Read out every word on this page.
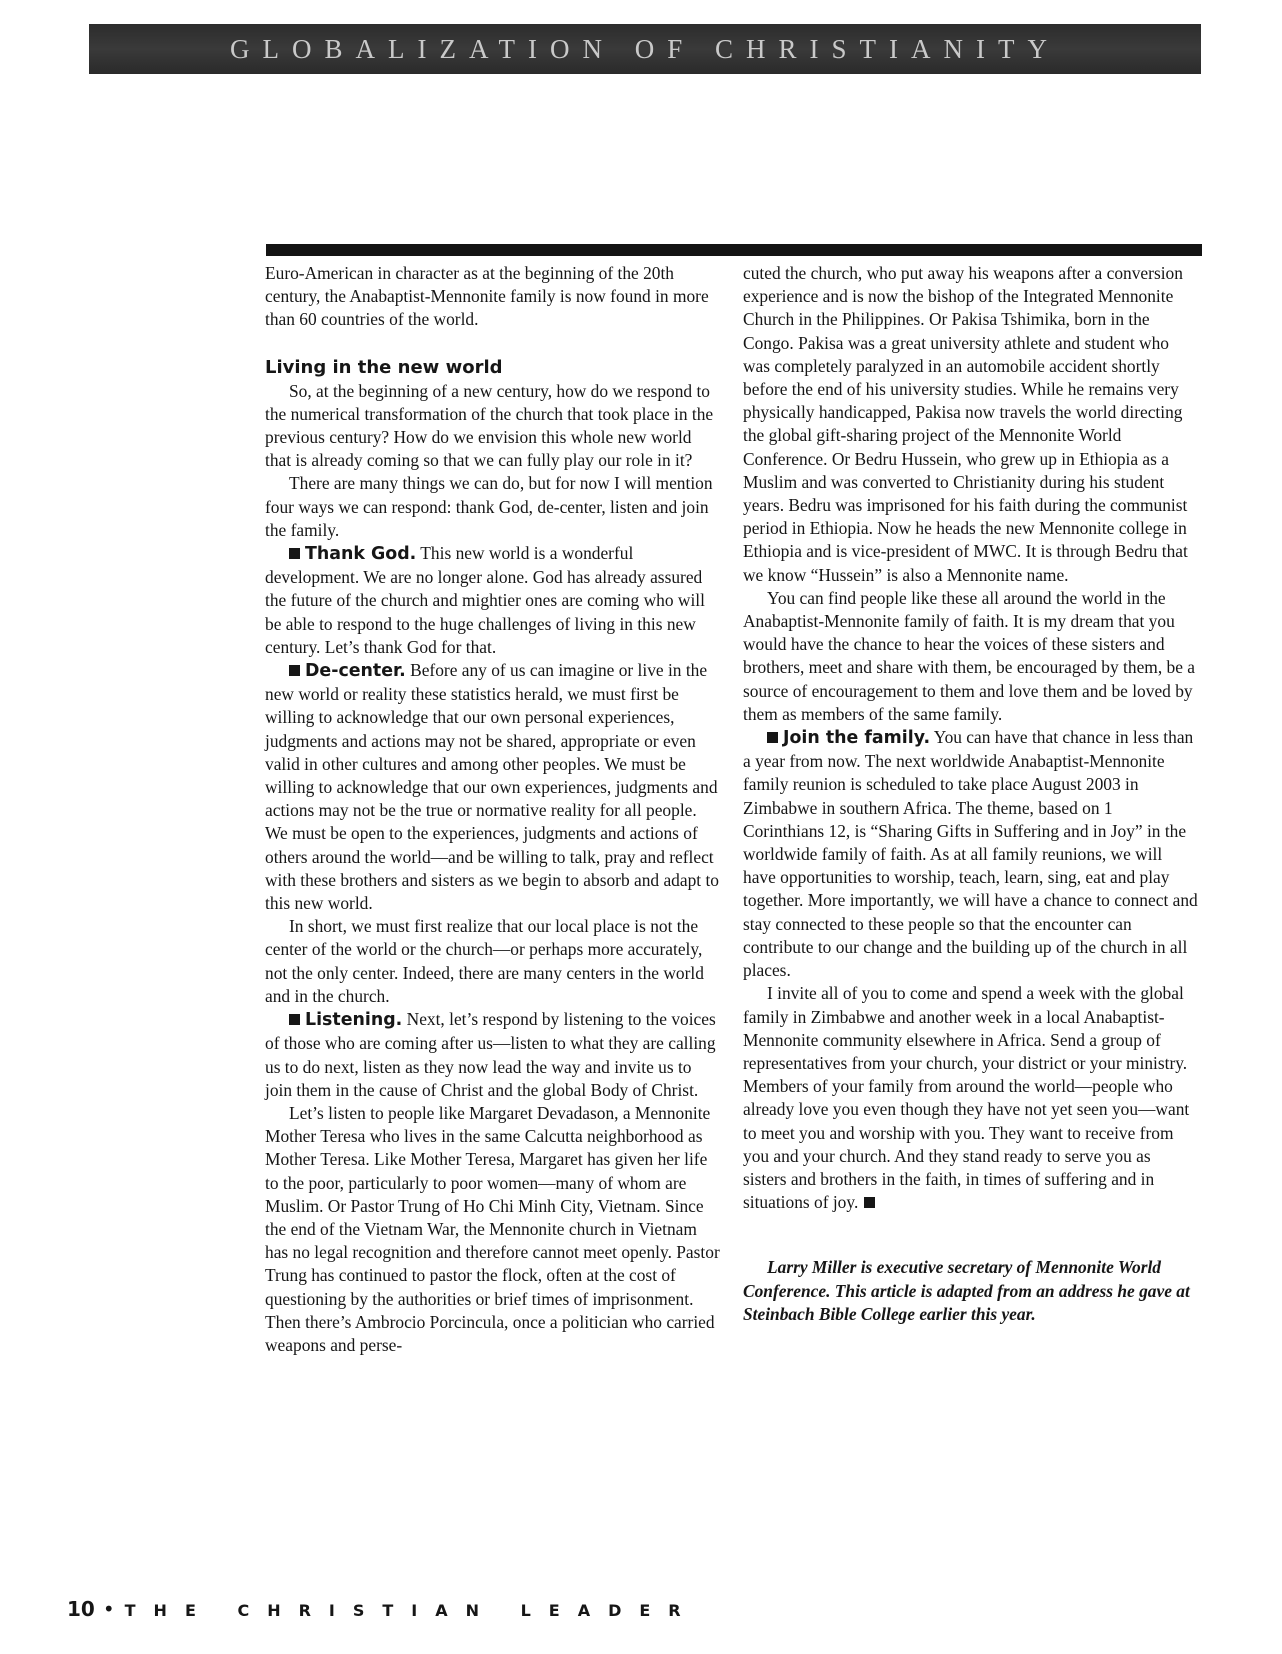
GLOBALIZATION OF CHRISTIANITY

Euro-American in character as at the beginning of the 20th century, the Anabaptist-Mennonite family is now found in more than 60 countries of the world.

Living in the new world

So, at the beginning of a new century, how do we respond to the numerical transformation of the church that took place in the previous century? How do we envision this whole new world that is already coming so that we can fully play our role in it?

There are many things we can do, but for now I will mention four ways we can respond: thank God, de-center, listen and join the family.

Thank God. This new world is a wonderful development. We are no longer alone. God has already assured the future of the church and mightier ones are coming who will be able to respond to the huge challenges of living in this new century. Let’s thank God for that.

De-center. Before any of us can imagine or live in the new world or reality these statistics herald, we must first be willing to acknowledge that our own personal experiences, judgments and actions may not be shared, appropriate or even valid in other cultures and among other peoples. We must be willing to acknowledge that our own experiences, judgments and actions may not be the true or normative reality for all people. We must be open to the experiences, judgments and actions of others around the world—and be willing to talk, pray and reflect with these brothers and sisters as we begin to absorb and adapt to this new world.

In short, we must first realize that our local place is not the center of the world or the church—or perhaps more accurately, not the only center. Indeed, there are many centers in the world and in the church.

Listening. Next, let’s respond by listening to the voices of those who are coming after us—listen to what they are calling us to do next, listen as they now lead the way and invite us to join them in the cause of Christ and the global Body of Christ.

Let’s listen to people like Margaret Devadason, a Mennonite Mother Teresa who lives in the same Calcutta neighborhood as Mother Teresa. Like Mother Teresa, Margaret has given her life to the poor, particularly to poor women—many of whom are Muslim. Or Pastor Trung of Ho Chi Minh City, Vietnam. Since the end of the Vietnam War, the Mennonite church in Vietnam has no legal recognition and therefore cannot meet openly. Pastor Trung has continued to pastor the flock, often at the cost of questioning by the authorities or brief times of imprisonment. Then there’s Ambrocio Porcincula, once a politician who carried weapons and perse-

cuted the church, who put away his weapons after a conversion experience and is now the bishop of the Integrated Mennonite Church in the Philippines. Or Pakisa Tshimika, born in the Congo. Pakisa was a great university athlete and student who was completely paralyzed in an automobile accident shortly before the end of his university studies. While he remains very physically handicapped, Pakisa now travels the world directing the global gift-sharing project of the Mennonite World Conference. Or Bedru Hussein, who grew up in Ethiopia as a Muslim and was converted to Christianity during his student years. Bedru was imprisoned for his faith during the communist period in Ethiopia. Now he heads the new Mennonite college in Ethiopia and is vice-president of MWC. It is through Bedru that we know “Hussein” is also a Mennonite name.

You can find people like these all around the world in the Anabaptist-Mennonite family of faith. It is my dream that you would have the chance to hear the voices of these sisters and brothers, meet and share with them, be encouraged by them, be a source of encouragement to them and love them and be loved by them as members of the same family.

Join the family. You can have that chance in less than a year from now. The next worldwide Anabaptist-Mennonite family reunion is scheduled to take place August 2003 in Zimbabwe in southern Africa. The theme, based on 1 Corinthians 12, is “Sharing Gifts in Suffering and in Joy” in the worldwide family of faith. As at all family reunions, we will have opportunities to worship, teach, learn, sing, eat and play together. More importantly, we will have a chance to connect and stay connected to these people so that the encounter can contribute to our change and the building up of the church in all places.

I invite all of you to come and spend a week with the global family in Zimbabwe and another week in a local Anabaptist-Mennonite community elsewhere in Africa. Send a group of representatives from your church, your district or your ministry. Members of your family from around the world—people who already love you even though they have not yet seen you—want to meet you and worship with you. They want to receive from you and your church. And they stand ready to serve you as sisters and brothers in the faith, in times of suffering and in situations of joy.

Larry Miller is executive secretary of Mennonite World Conference. This article is adapted from an address he gave at Steinbach Bible College earlier this year.

10 • THE CHRISTIAN LEADER
